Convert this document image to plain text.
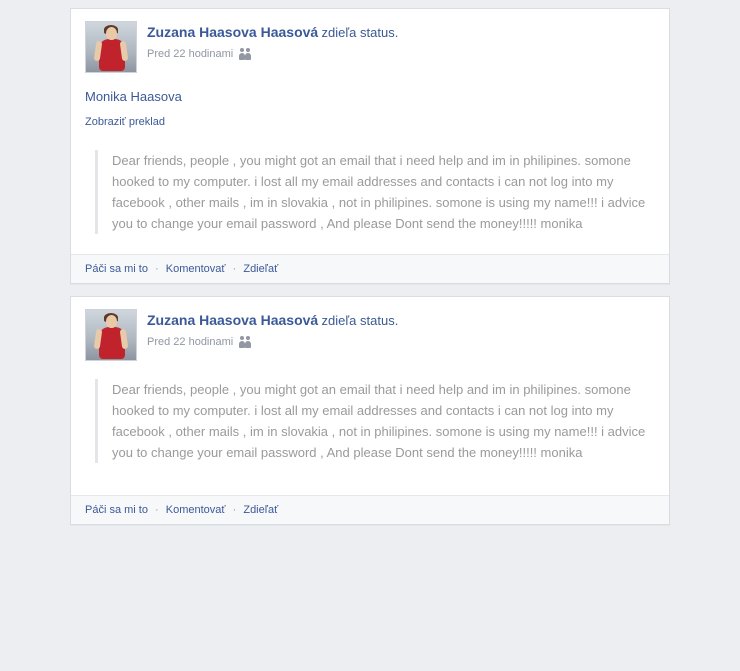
Zuzana Haasova Haasová zdieľa status.
Pred 22 hodinami
Monika Haasova
Zobraziť preklad
Dear friends, people , you might got an email that i need help and im in philipines. somone hooked to my computer. i lost all my email addresses and contacts i can not log into my facebook , other mails , im in slovakia , not in philipines. somone is using my name!!! i advice you to change your email password , And please Dont send the money!!!!! monika
Páči sa mi to · Komentovať · Zdieľať
Zuzana Haasova Haasová zdieľa status.
Pred 22 hodinami
Dear friends, people , you might got an email that i need help and im in philipines. somone hooked to my computer. i lost all my email addresses and contacts i can not log into my facebook , other mails , im in slovakia , not in philipines. somone is using my name!!! i advice you to change your email password , And please Dont send the money!!!!! monika
Páči sa mi to · Komentovať · Zdieľať
